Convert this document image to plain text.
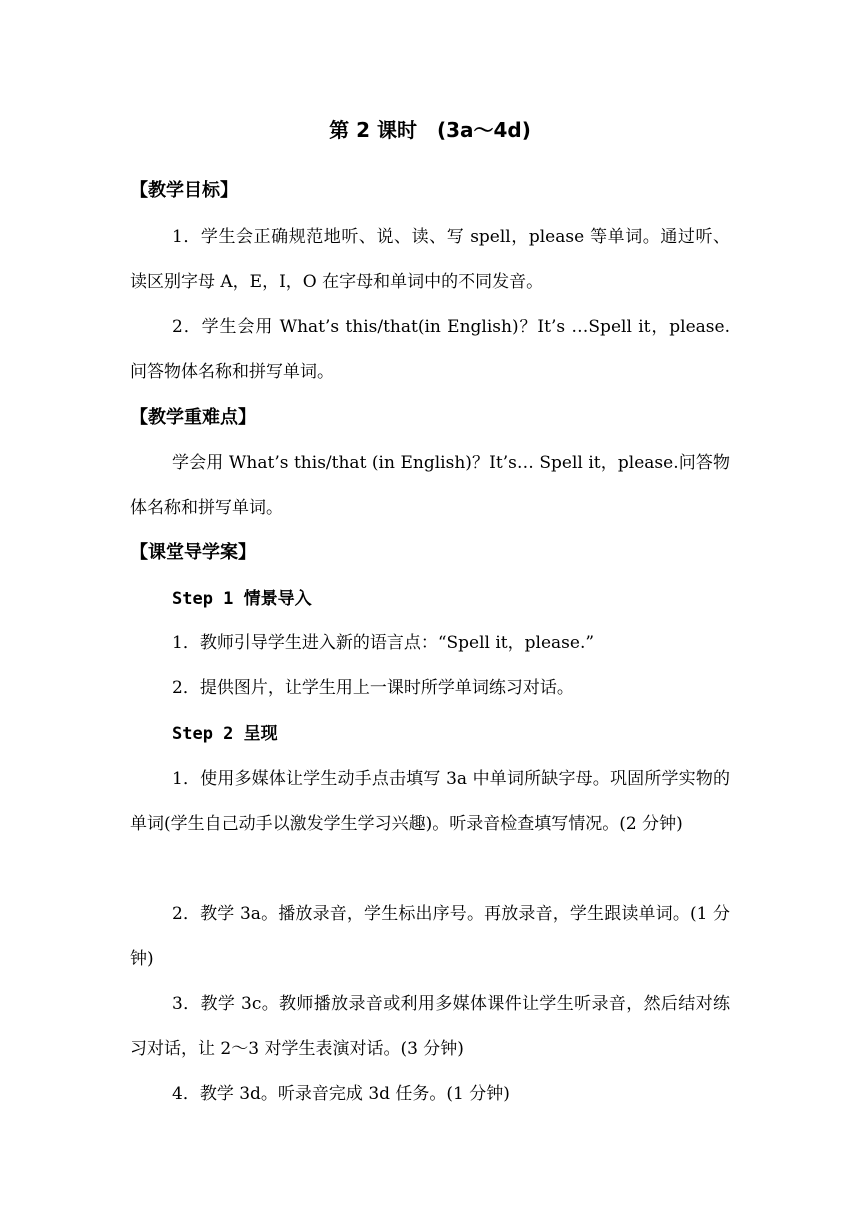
第 2 课时　(3a～4d)
【教学目标】

1．学生会正确规范地听、说、读、写 spell，please 等单词。通过听、读区别字母 A，E，I，O 在字母和单词中的不同发音。

2．学生会用 What’s this/that(in English)？It’s …Spell it，please.问答物体名称和拼写单词。

【教学重难点】

学会用 What’s this/that (in English)？It’s… Spell it，please.问答物体名称和拼写单词。

【课堂导学案】
Step 1 情景导入

1．教师引导学生进入新的语言点：“Spell it，please.”

2．提供图片，让学生用上一课时所学单词练习对话。

Step 2 呈现

1．使用多媒体让学生动手点击填写 3a 中单词所缺字母。巩固所学实物的单词(学生自己动手以激发学生学习兴趣)。听录音检查填写情况。(2 分钟)

2．教学 3a。播放录音，学生标出序号。再放录音，学生跟读单词。(1 分钟)

3．教学 3c。教师播放录音或利用多媒体课件让学生听录音，然后结对练习对话，让 2～3 对学生表演对话。(3 分钟)

4．教学 3d。听录音完成 3d 任务。(1 分钟)
